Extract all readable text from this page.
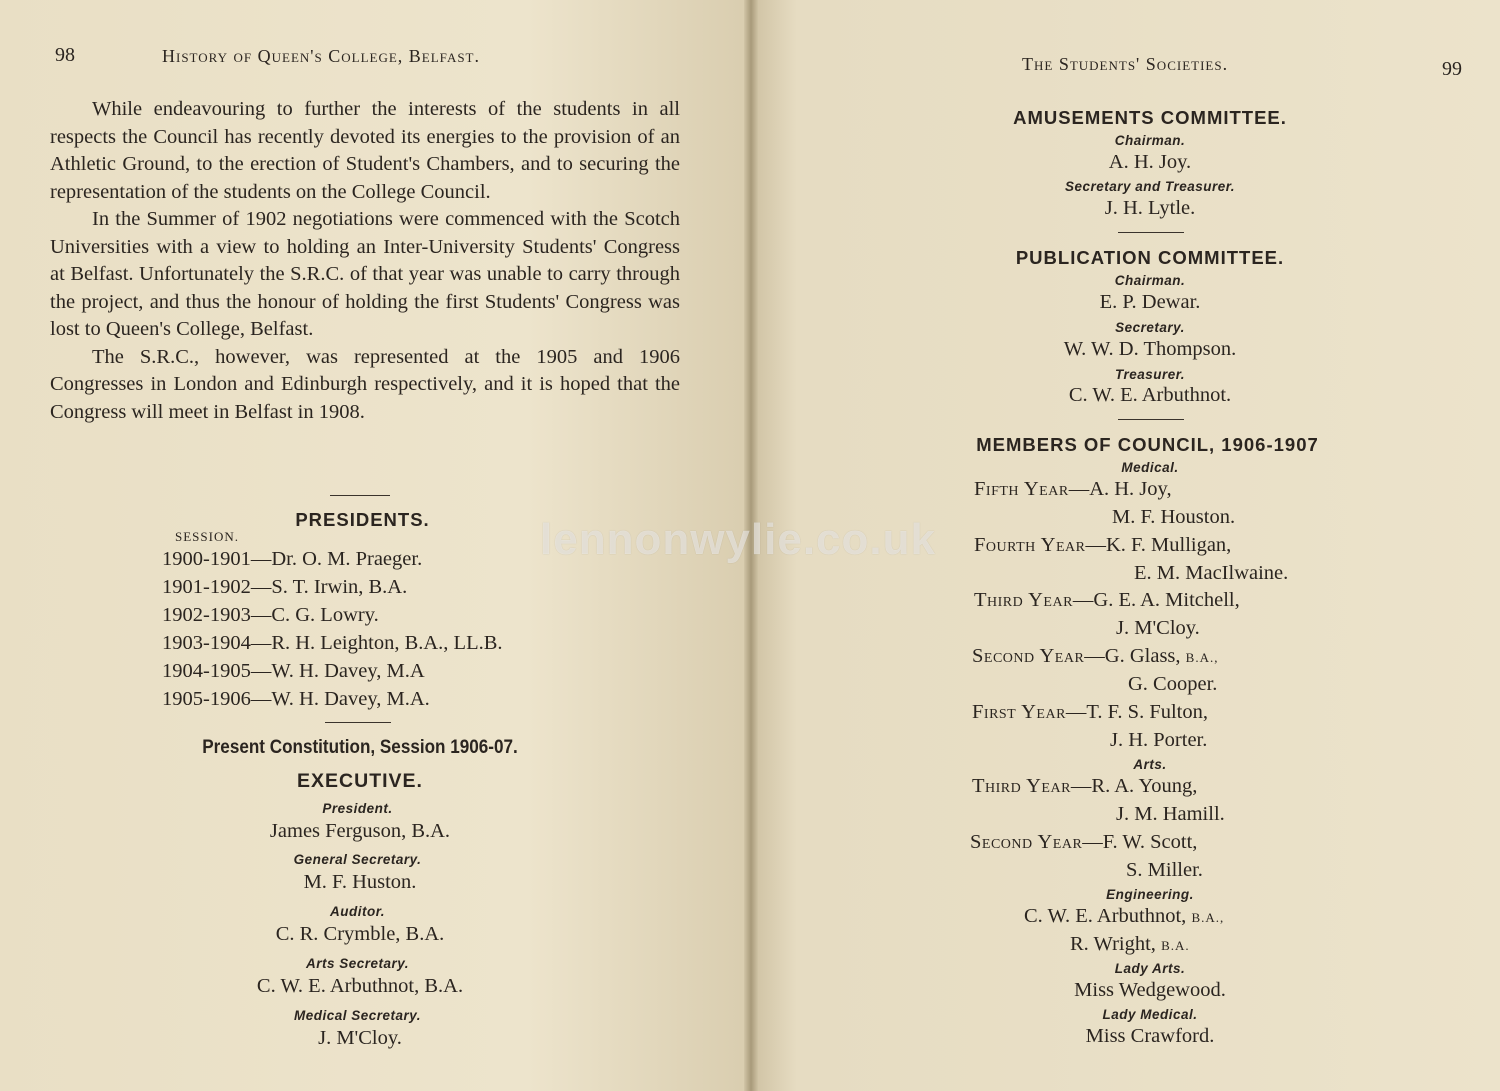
98	History of Queen's College, Belfast.

While endeavouring to further the interests of the students in all respects the Council has recently devoted its energies to the provision of an Athletic Ground, to the erection of Student's Chambers, and to securing the representation of the students on the College Council.

In the Summer of 1902 negotiations were commenced with the Scotch Universities with a view to holding an Inter-University Students' Congress at Belfast. Unfortunately the S.R.C. of that year was unable to carry through the project, and thus the honour of holding the first Students' Congress was lost to Queen's College, Belfast.

The S.R.C., however, was represented at the 1905 and 1906 Congresses in London and Edinburgh respectively, and it is hoped that the Congress will meet in Belfast in 1908.

PRESIDENTS.
SESSION.
1900-1901—Dr. O. M. Praeger.
1901-1902—S. T. Irwin, B.A.
1902-1903—C. G. Lowry.
1903-1904—R. H. Leighton, B.A., LL.B.
1904-1905—W. H. Davey, M.A
1905-1906—W. H. Davey, M.A.
Present Constitution, Session 1906-07.
EXECUTIVE.
President.
James Ferguson, B.A.
General Secretary.
M. F. Huston.
Auditor.
C. R. Crymble, B.A.
Arts Secretary.
C. W. E. Arbuthnot, B.A.
Medical Secretary.
J. M'Cloy.
The Students' Societies.	99
AMUSEMENTS COMMITTEE.
Chairman.
A. H. Joy.
Secretary and Treasurer.
J. H. Lytle.
PUBLICATION COMMITTEE.
Chairman.
E. P. Dewar.
Secretary.
W. W. D. Thompson.
Treasurer.
C. W. E. Arbuthnot.
MEMBERS OF COUNCIL, 1906-1907
Medical.
Fifth Year—A. H. Joy,
M. F. Houston.
Fourth Year—K. F. Mulligan,
E. M. MacIlwaine.
Third Year—G. E. A. Mitchell,
J. M'Cloy.
Second Year—G. Glass, B.A.,
G. Cooper.
First Year—T. F. S. Fulton,
J. H. Porter.
Arts.
Third Year—R. A. Young,
J. M. Hamill.
Second Year—F. W. Scott,
S. Miller.
Engineering.
C. W. E. Arbuthnot, B.A.,
R. Wright, B.A.
Lady Arts.
Miss Wedgewood.
Lady Medical.
Miss Crawford.
lennonwylie.co.uk
